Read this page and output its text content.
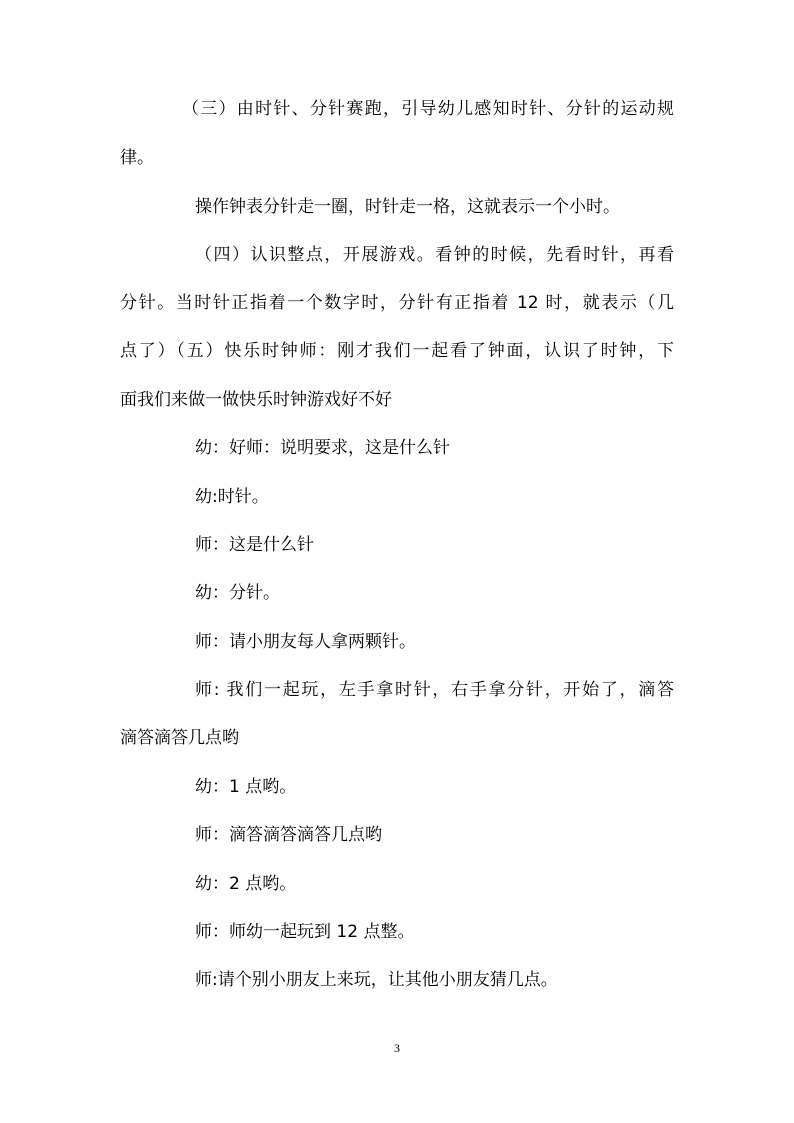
（三）由时针、分针赛跑，引导幼儿感知时针、分针的运动规
律。
操作钟表分针走一圈，时针走一格，这就表示一个小时。
（四）认识整点，开展游戏。看钟的时候，先看时针，再看
分针。当时针正指着一个数字时，分针有正指着 12 时，就表示（几
点了）（五）快乐时钟师：刚才我们一起看了钟面，认识了时钟，下
面我们来做一做快乐时钟游戏好不好
幼：好师：说明要求，这是什么针
幼:时针。
师：这是什么针
幼：分针。
师：请小朋友每人拿两颗针。
师: 我们一起玩，左手拿时针，右手拿分针，开始了，滴答
滴答滴答几点哟
幼：1 点哟。
师：滴答滴答滴答几点哟
幼：2 点哟。
师：师幼一起玩到 12 点整。
师:请个别小朋友上来玩，让其他小朋友猜几点。
3
